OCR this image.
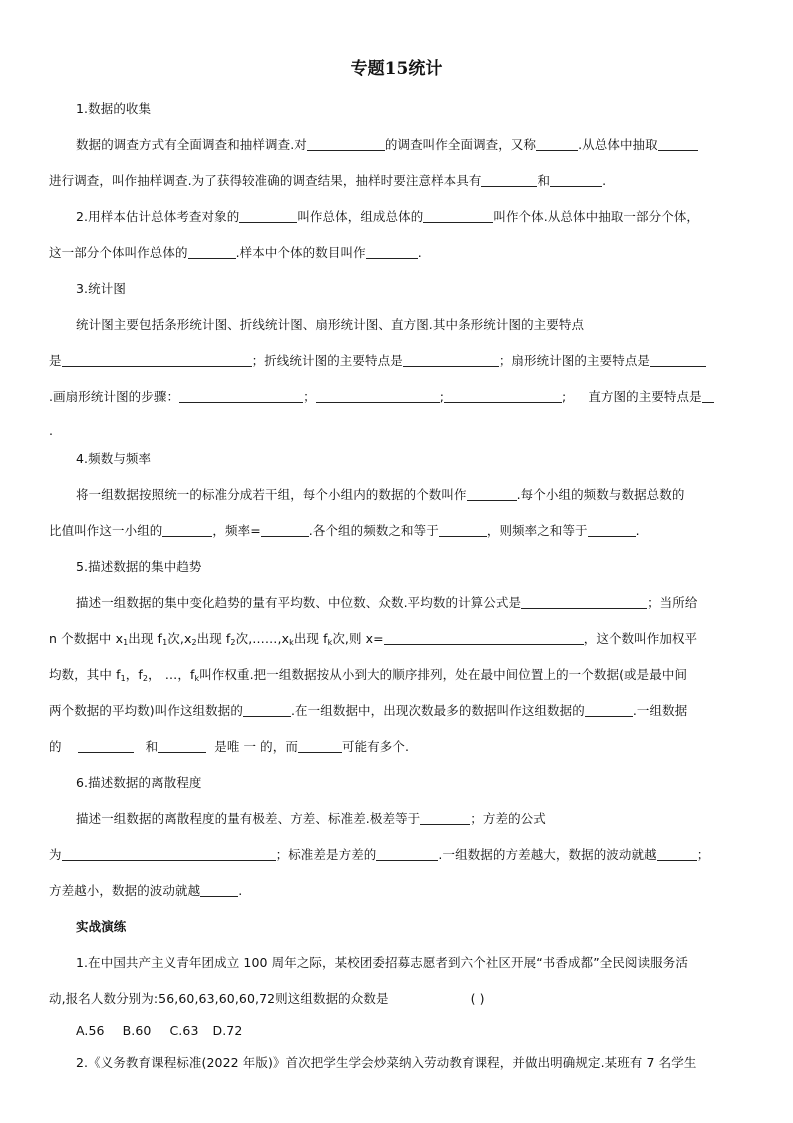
专题15统计
1.数据的收集
数据的调查方式有全面调查和抽样调查.对	的调查叫作全面调查，又称	.从总体中抽取
进行调查，叫作抽样调查.为了获得较准确的调查结果，抽样时要注意样本具有	和	.
2.用样本估计总体考查对象的	叫作总体，组成总体的	叫作个体.从总体中抽取一部分个体，
这一部分个体叫作总体的	.样本中个体的数目叫作	.
3.统计图
统计图主要包括条形统计图、折线统计图、扇形统计图、直方图.其中条形统计图的主要特点
是	；折线统计图的主要特点是	；扇形统计图的主要特点是
.画扇形统计图的步骤：	；	;	; 直方图的主要特点是
.
4.频数与频率
将一组数据按照统一的标准分成若干组，每个小组内的数据的个数叫作	.每个小组的频数与数据总数的
比值叫作这一小组的	，频率=	.各个组的频数之和等于	，则频率之和等于	.
5.描述数据的集中趋势
描述一组数据的集中变化趋势的量有平均数、中位数、众数.平均数的计算公式是	；当所给
n 个数据中 $x_1$出现 $f_1$次$,x_2$出现 $f_2$次$,\dots\dots,x_k$出现 $f_k$次,则 x=	，这个数叫作加权平
均数，其中 $f_1$，$f_2$， …，$f_k$叫作权重.把一组数据按从小到大的顺序排列，处在最中间位置上的一个数据(或是最中间
两个数据的平均数)叫作这组数据的	.在一组数据中，出现次数最多的数据叫作这组数据的	.一组数据
的	和	是唯 一 的，而	可能有多个.
6.描述数据的离散程度
描述一组数据的离散程度的量有极差、方差、标准差.极差等于	；方差的公式
为	；标准差是方差的	.一组数据的方差越大，数据的波动就越	；
方差越小，数据的波动就越	.
实战演练
1.在中国共产主义青年团成立 100 周年之际，某校团委招募志愿者到六个社区开展“书香成都”全民阅读服务活
动,报名人数分别为:56,60,63,60,60,72则这组数据的众数是	( )
A.56 B.60 C.63 D.72
2.《义务教育课程标准(2022 年版)》首次把学生学会炒菜纳入劳动教育课程，并做出明确规定.某班有 7 名学生
